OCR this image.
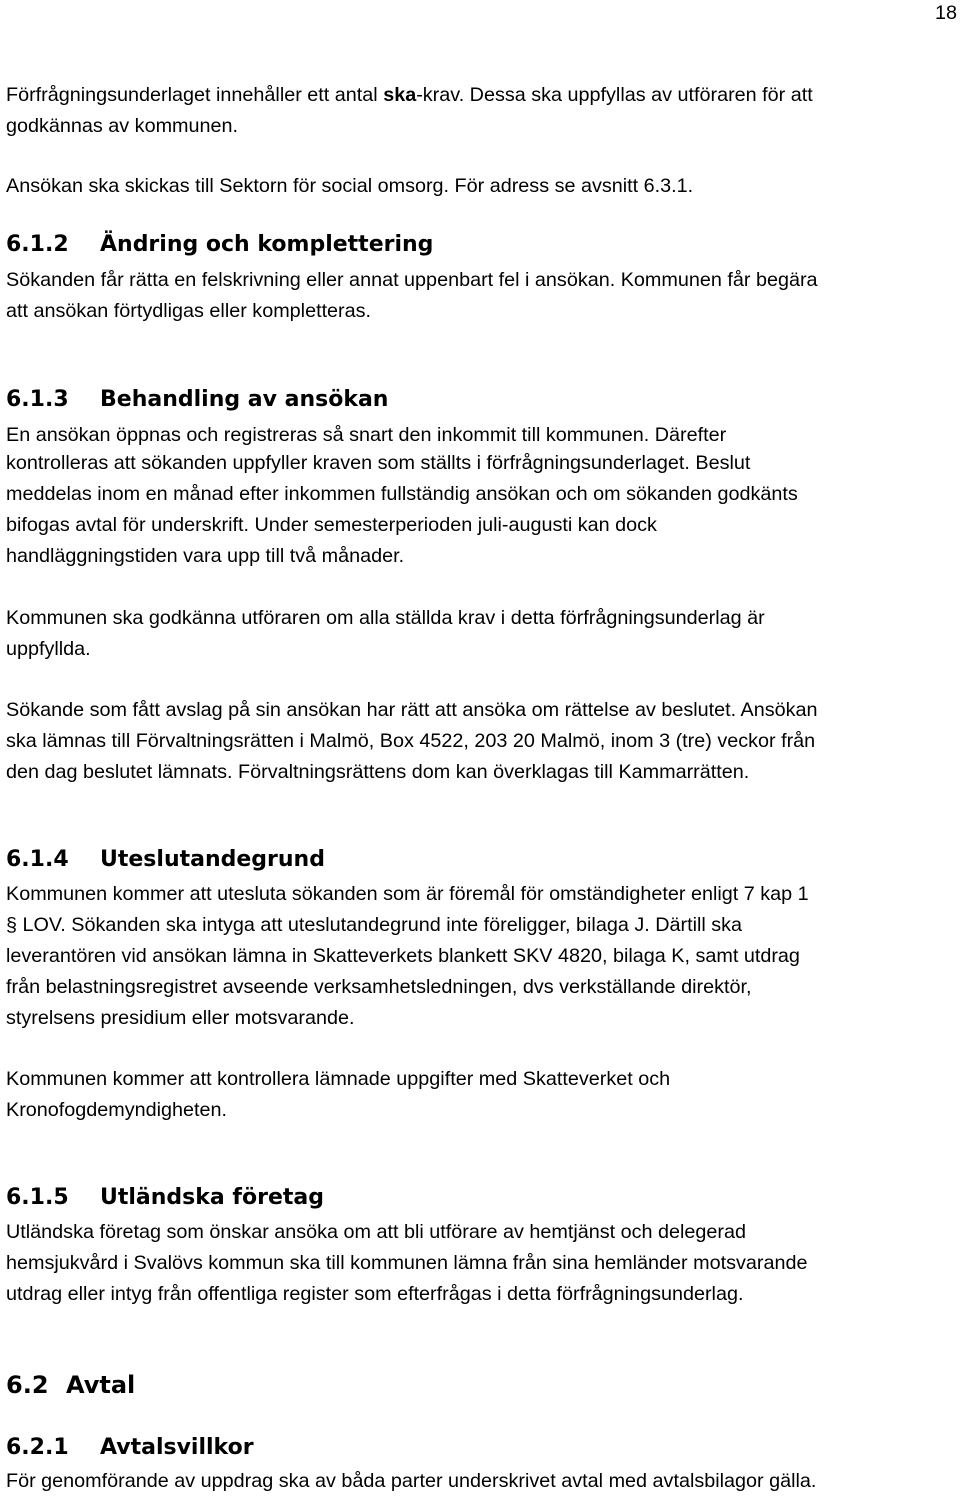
18
Förfrågningsunderlaget innehåller ett antal ska-krav. Dessa ska uppfyllas av utföraren för att
godkännas av kommunen.
Ansökan ska skickas till Sektorn för social omsorg. För adress se avsnitt 6.3.1.
6.1.2 Ändring och komplettering
Sökanden får rätta en felskrivning eller annat uppenbart fel i ansökan. Kommunen får begära
att ansökan förtydligas eller kompletteras.
6.1.3 Behandling av ansökan
En ansökan öppnas och registreras så snart den inkommit till kommunen. Därefter
kontrolleras att sökanden uppfyller kraven som ställts i förfrågningsunderlaget. Beslut
meddelas inom en månad efter inkommen fullständig ansökan och om sökanden godkänts
bifogas avtal för underskrift. Under semesterperioden juli-augusti kan dock
handläggningstiden vara upp till två månader.
Kommunen ska godkänna utföraren om alla ställda krav i detta förfrågningsunderlag är
uppfyllda.
Sökande som fått avslag på sin ansökan har rätt att ansöka om rättelse av beslutet. Ansökan
ska lämnas till Förvaltningsrätten i Malmö, Box 4522, 203 20 Malmö, inom 3 (tre) veckor från
den dag beslutet lämnats. Förvaltningsrättens dom kan överklagas till Kammarrätten.
6.1.4 Uteslutandegrund
Kommunen kommer att utesluta sökanden som är föremål för omständigheter enligt 7 kap 1
§ LOV. Sökanden ska intyga att uteslutandegrund inte föreligger, bilaga J. Därtill ska
leverantören vid ansökan lämna in Skatteverkets blankett SKV 4820, bilaga K, samt utdrag
från belastningsregistret avseende verksamhetsledningen, dvs verkställande direktör,
styrelsens presidium eller motsvarande.
Kommunen kommer att kontrollera lämnade uppgifter med Skatteverket och
Kronofogdemyndigheten.
6.1.5 Utländska företag
Utländska företag som önskar ansöka om att bli utförare av hemtjänst och delegerad
hemsjukvård i Svalövs kommun ska till kommunen lämna från sina hemländer motsvarande
utdrag eller intyg från offentliga register som efterfrågas i detta förfrågningsunderlag.
6.2 Avtal
6.2.1 Avtalsvillkor
För genomförande av uppdrag ska av båda parter underskrivet avtal med avtalsbilagor gälla.
